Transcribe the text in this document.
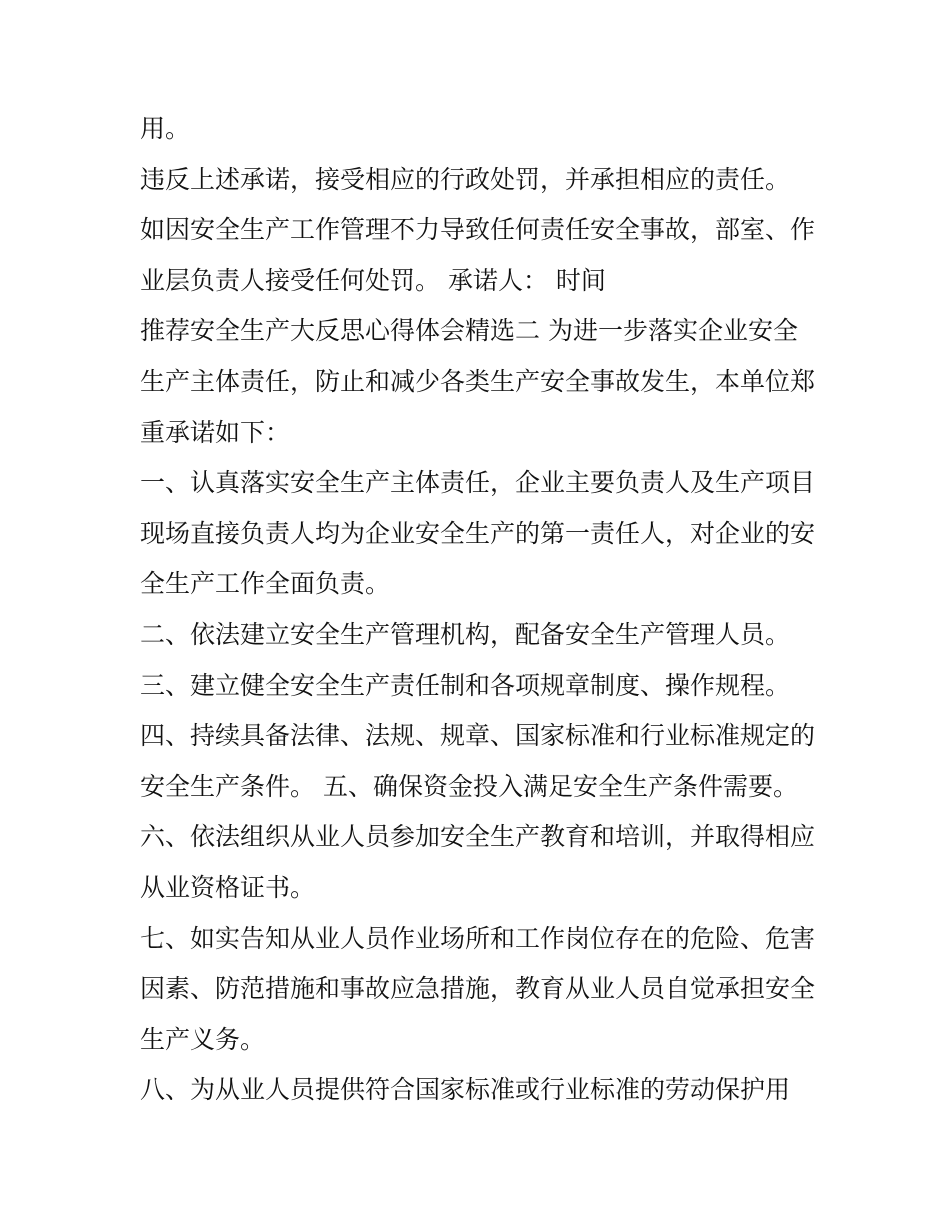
用。
违反上述承诺，接受相应的行政处罚，并承担相应的责任。
如因安全生产工作管理不力导致任何责任安全事故，部室、作
业层负责人接受任何处罚。 承诺人： 时间
推荐安全生产大反思心得体会精选二 为进一步落实企业安全
生产主体责任，防止和减少各类生产安全事故发生，本单位郑
重承诺如下：
一、认真落实安全生产主体责任，企业主要负责人及生产项目
现场直接负责人均为企业安全生产的第一责任人，对企业的安
全生产工作全面负责。
二、依法建立安全生产管理机构，配备安全生产管理人员。
三、建立健全安全生产责任制和各项规章制度、操作规程。
四、持续具备法律、法规、规章、国家标准和行业标准规定的
安全生产条件。 五、确保资金投入满足安全生产条件需要。
六、依法组织从业人员参加安全生产教育和培训，并取得相应
从业资格证书。
七、如实告知从业人员作业场所和工作岗位存在的危险、危害
因素、防范措施和事故应急措施，教育从业人员自觉承担安全
生产义务。
八、为从业人员提供符合国家标准或行业标准的劳动保护用
